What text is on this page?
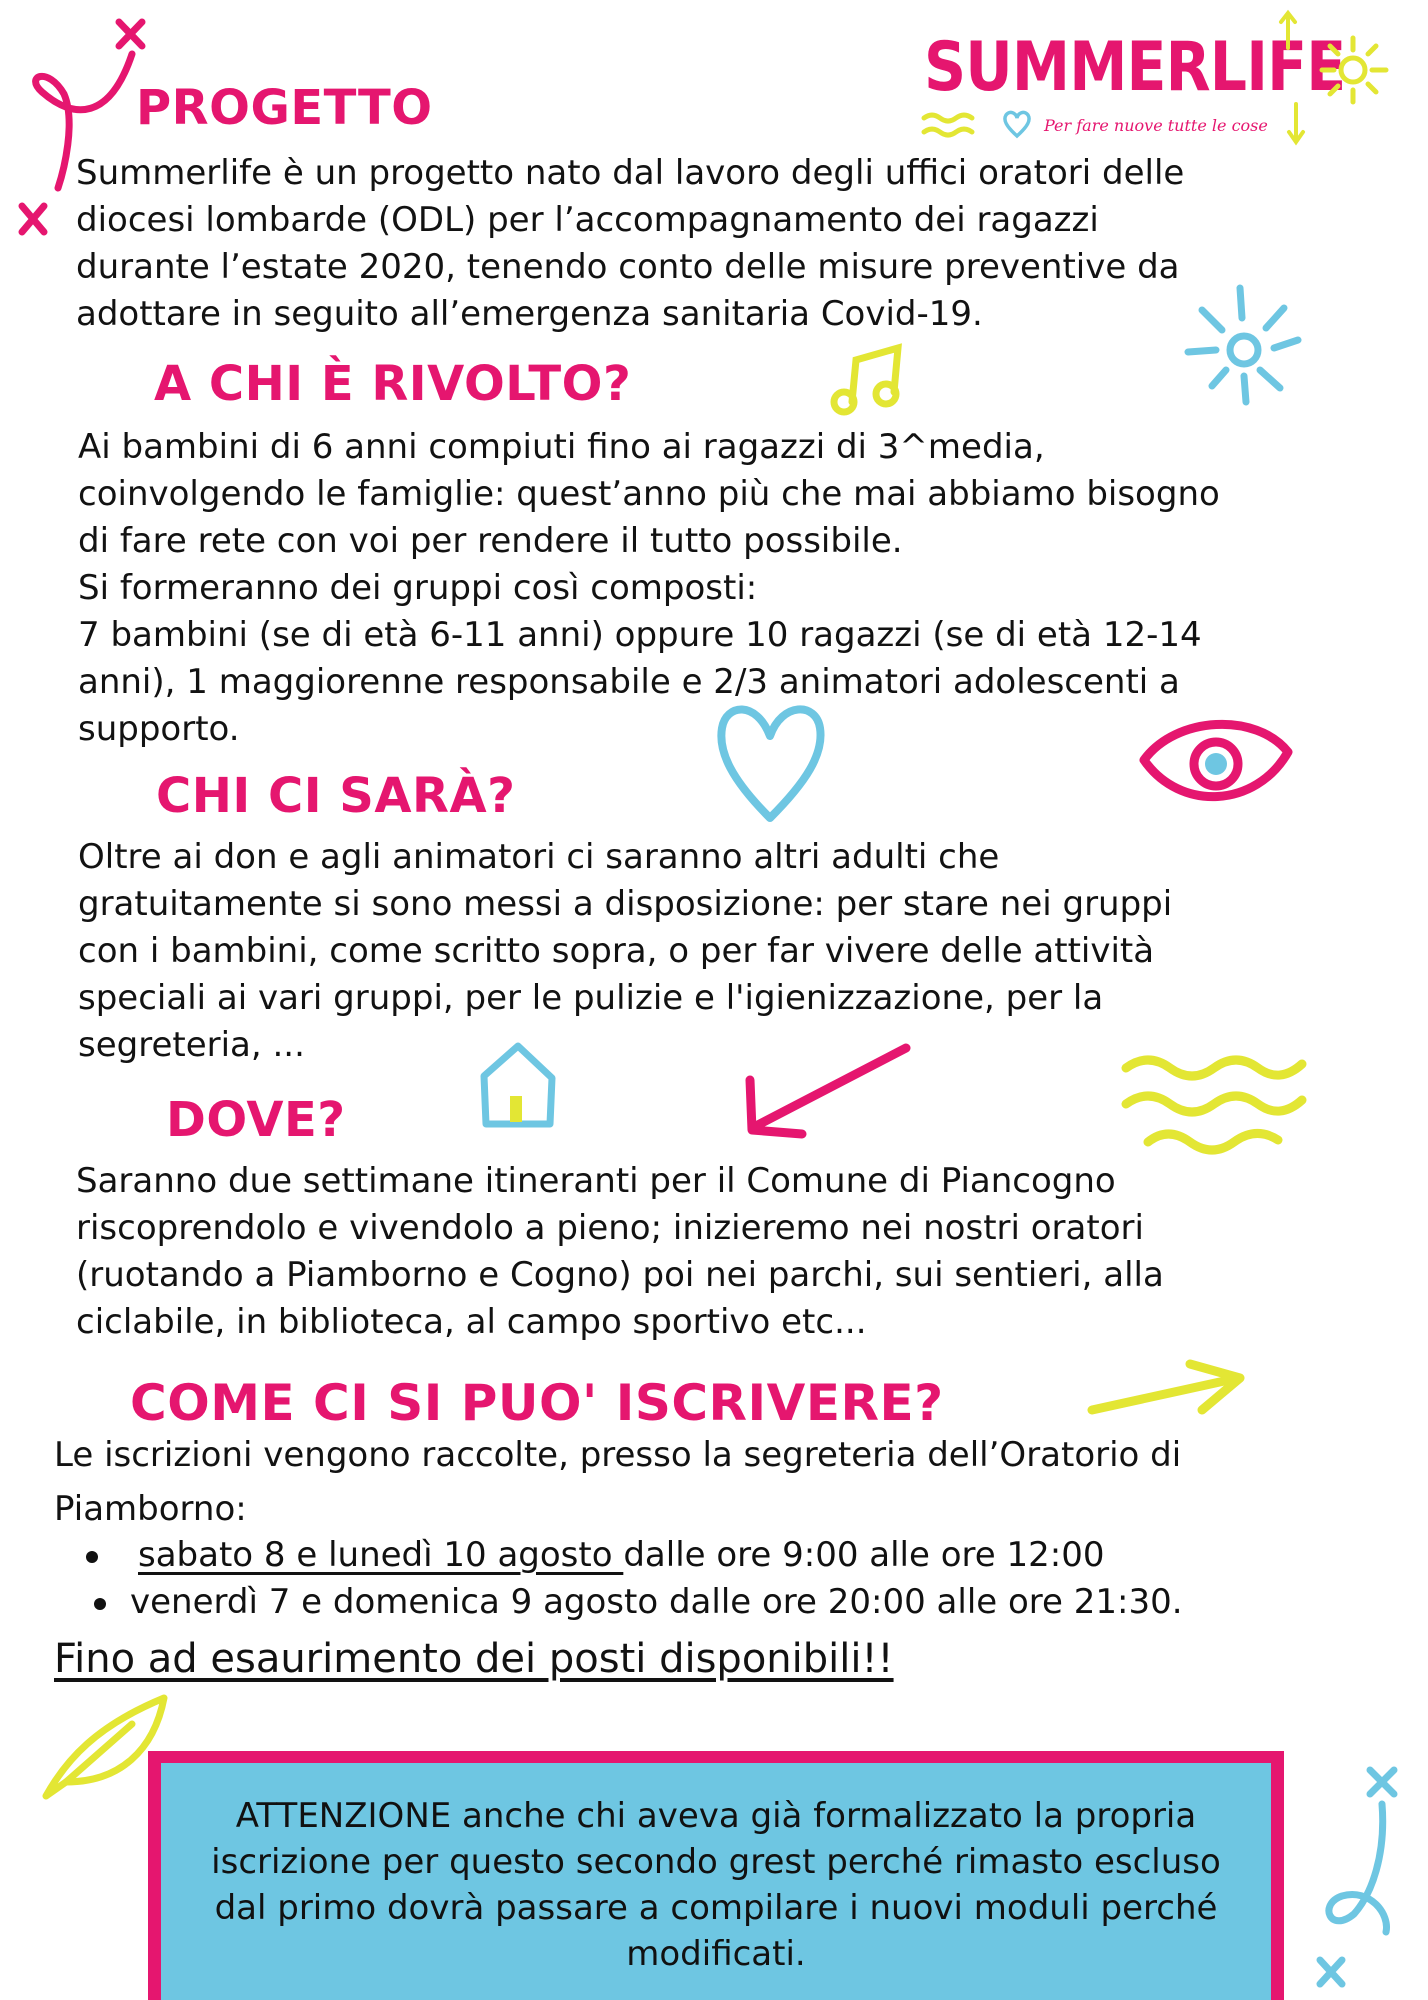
SUMMERLIFE
Per fare nuove tutte le cose
PROGETTO
Summerlife è un progetto nato dal lavoro degli uffici oratori delle
diocesi lombarde (ODL) per l’accompagnamento dei ragazzi
durante l’estate 2020, tenendo conto delle misure preventive da
adottare in seguito all’emergenza sanitaria Covid-19.
A CHI È RIVOLTO?
Ai bambini di 6 anni compiuti fino ai ragazzi di 3^media,
coinvolgendo le famiglie: quest’anno più che mai abbiamo bisogno
di fare rete con voi per rendere il tutto possibile.
Si formeranno dei gruppi così composti:
7 bambini (se di età 6-11 anni) oppure 10 ragazzi (se di età 12-14
anni), 1 maggiorenne responsabile e 2/3 animatori adolescenti a
supporto.
CHI CI SARÀ?
Oltre ai don e agli animatori ci saranno altri adulti che
gratuitamente si sono messi a disposizione: per stare nei gruppi
con i bambini, come scritto sopra, o per far vivere delle attività
speciali ai vari gruppi, per le pulizie e l'igienizzazione, per la
segreteria, ...
DOVE?
Saranno due settimane itineranti per il Comune di Piancogno
riscoprendolo e vivendolo a pieno; inizieremo nei nostri oratori
(ruotando a Piamborno e Cogno) poi nei parchi, sui sentieri, alla
ciclabile, in biblioteca, al campo sportivo etc...
COME CI SI PUO' ISCRIVERE?
Le iscrizioni vengono raccolte, presso la segreteria dell’Oratorio di
Piamborno:
sabato 8 e lunedì 10 agosto dalle ore 9:00 alle ore 12:00
venerdì 7 e domenica 9 agosto dalle ore 20:00 alle ore 21:30.
Fino ad esaurimento dei posti disponibili!!
ATTENZIONE anche chi aveva già formalizzato la propria iscrizione per questo secondo grest perché rimasto escluso dal primo dovrà passare a compilare i nuovi moduli perché modificati.
